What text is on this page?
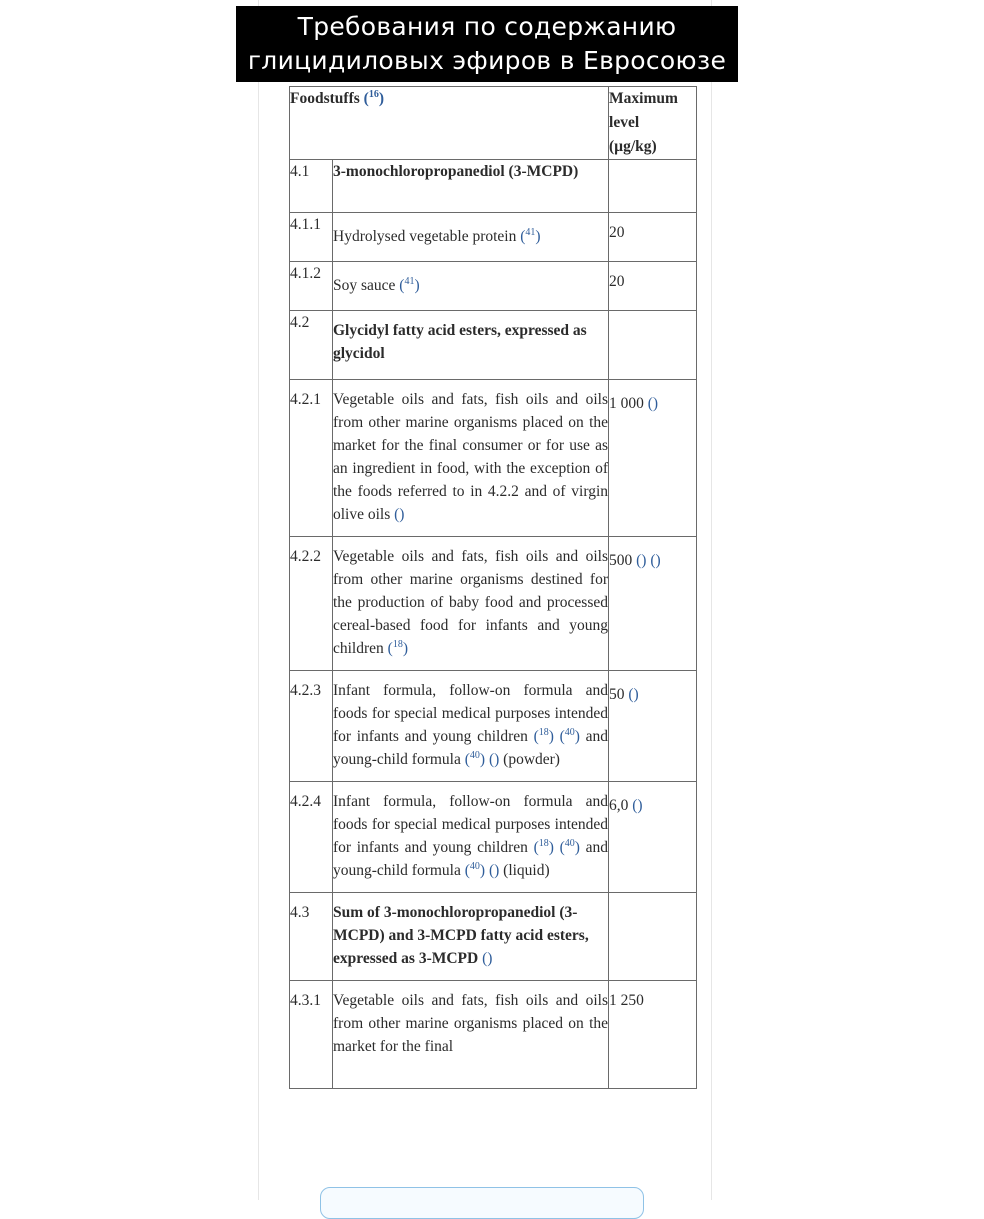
Требования по содержанию
глицидиловых эфиров в Евросоюзе
Foodstuffs ($^{16}$)		Maximum
level
(µg/kg)
4.1	3-monochloropropanediol (3-MCPD)	
4.1.1	Hydrolysed vegetable protein ($^{41}$)	20
4.1.2	Soy sauce ($^{41}$)	20
4.2	Glycidyl fatty acid esters, expressed as glycidol	
4.2.1	Vegetable oils and fats, fish oils and oils from other marine organisms placed on the market for the final consumer or for use as an ingredient in food, with the exception of the foods referred to in 4.2.2 and of virgin olive oils ()	1 000 ()
4.2.2	Vegetable oils and fats, fish oils and oils from other marine organisms destined for the production of baby food and processed cereal-based food for infants and young children ($^{18}$)	500 () ()
4.2.3	Infant formula, follow-on formula and foods for special medical purposes intended for infants and young children ($^{18}$) ($^{40}$) and young-child formula ($^{40}$) () (powder)	50 ()
4.2.4	Infant formula, follow-on formula and foods for special medical purposes intended for infants and young children ($^{18}$) ($^{40}$) and young-child formula ($^{40}$) () (liquid)	6,0 ()
4.3	Sum of 3-monochloropropanediol (3-MCPD) and 3-MCPD fatty acid esters, expressed as 3-MCPD ()	
4.3.1	Vegetable oils and fats, fish oils and oils from other marine organisms placed on the market for the final	1 250
